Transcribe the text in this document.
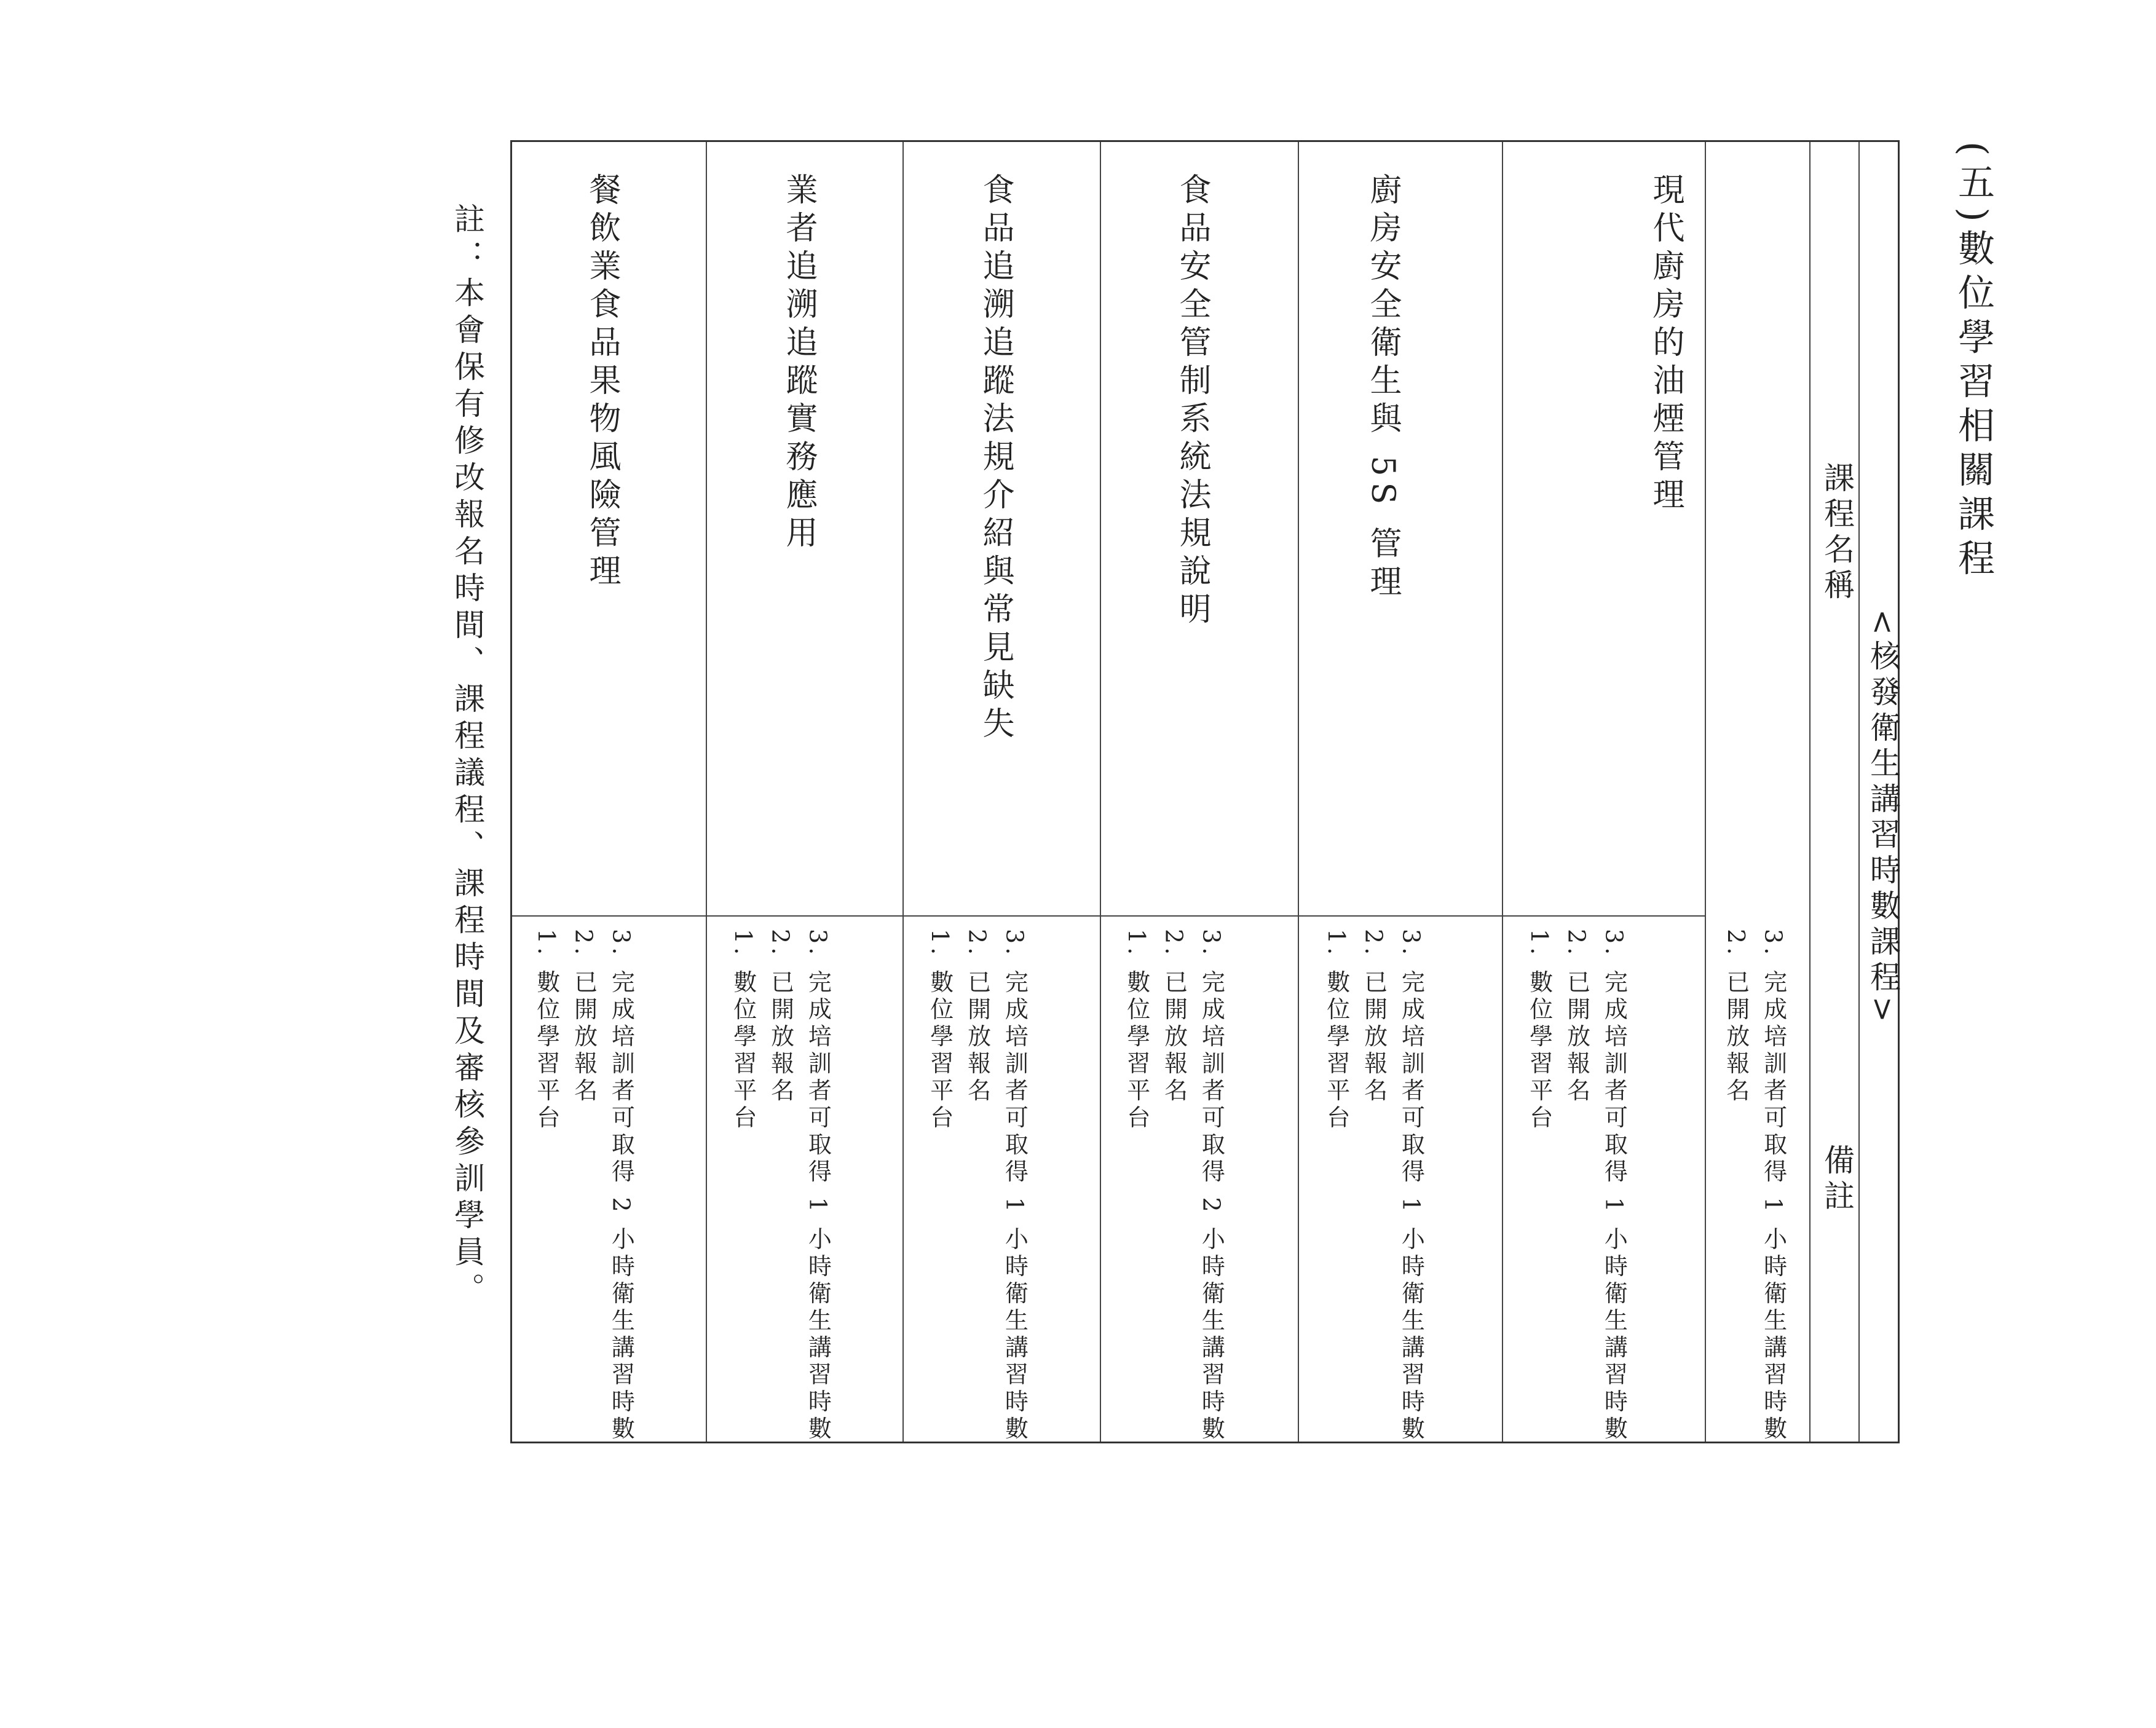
(五)數位學習相關課程
<核發衛生講習時數課程>
課程名稱
備註
3. 完成培訓者可取得 1 小時衛生講習時數
2. 已開放報名
現代廚房的油煙管理
3. 完成培訓者可取得 1 小時衛生講習時數
2. 已開放報名
1. 數位學習平台
廚房安全衛生與 5S 管理
3. 完成培訓者可取得 1 小時衛生講習時數
2. 已開放報名
1. 數位學習平台
食品安全管制系統法規說明
3. 完成培訓者可取得 2 小時衛生講習時數
2. 已開放報名
1. 數位學習平台
食品追溯追蹤法規介紹與常見缺失
3. 完成培訓者可取得 1 小時衛生講習時數
2. 已開放報名
1. 數位學習平台
業者追溯追蹤實務應用
3. 完成培訓者可取得 1 小時衛生講習時數
2. 已開放報名
1. 數位學習平台
餐飲業食品果物風險管理
3. 完成培訓者可取得 2 小時衛生講習時數
2. 已開放報名
1. 數位學習平台
註：本會保有修改報名時間、課程議程、課程時間及審核參訓學員。
